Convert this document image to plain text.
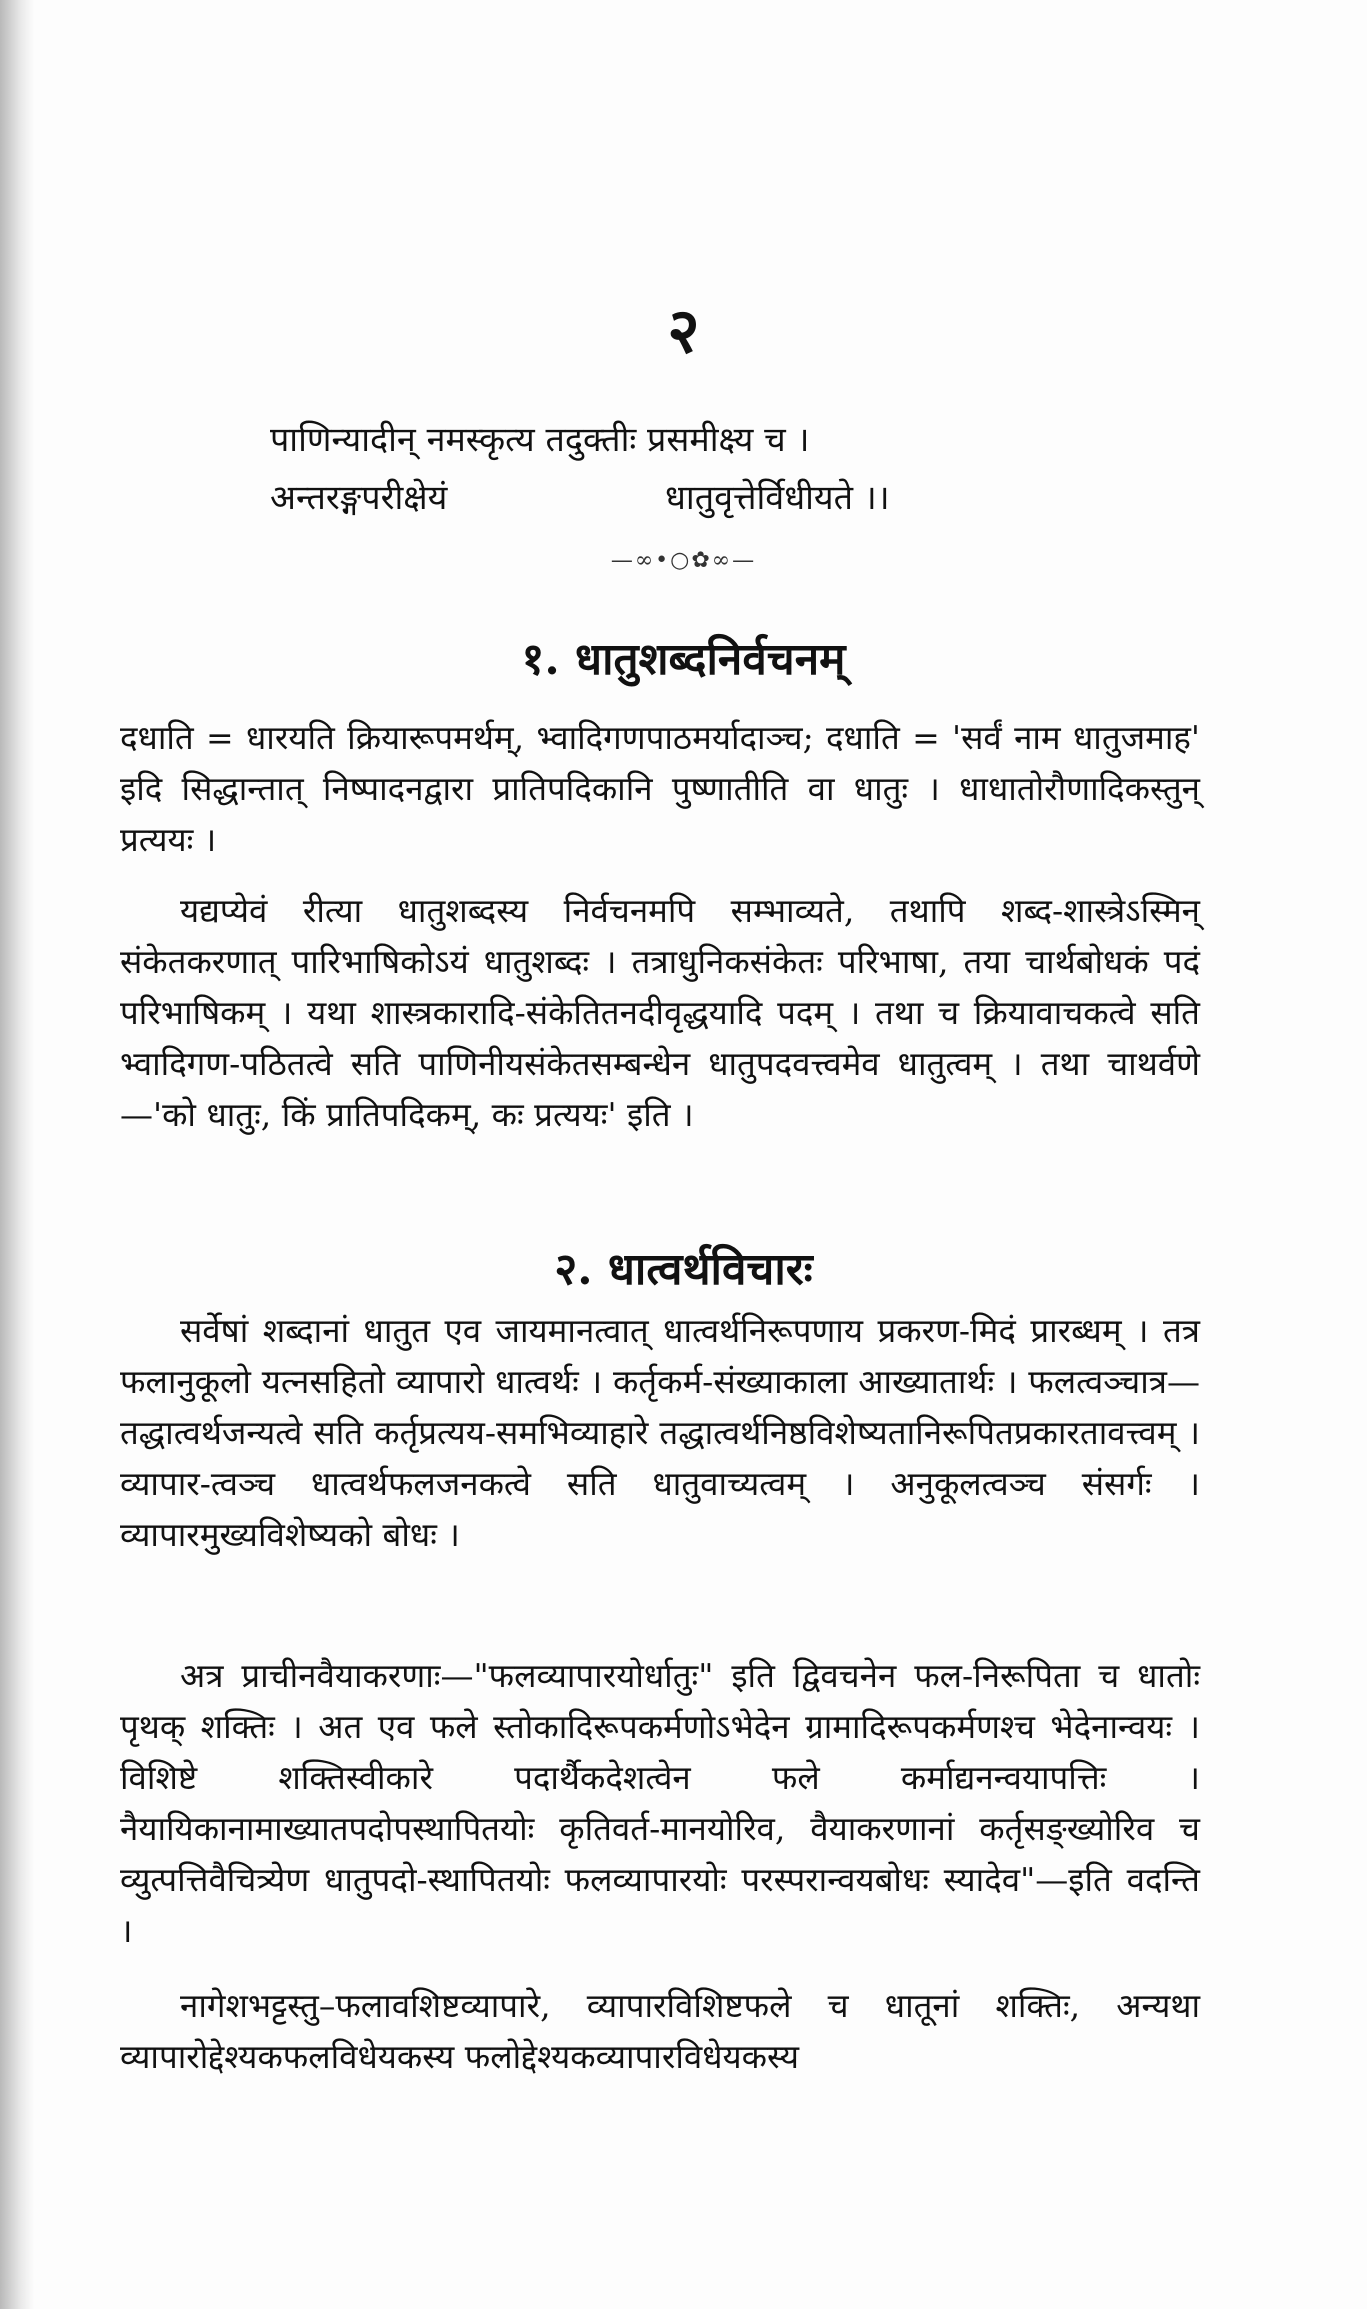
२
पाणिन्यादीन् नमस्कृत्य तदुक्तीः प्रसमीक्ष्य च ।
अन्तरङ्गपरीक्षेयं	धातुवृत्तेर्विधीयते ।।
—∞•○✿∞—
१. धातुशब्दनिर्वचनम्
दधाति = धारयति क्रियारूपमर्थम्, भ्वादिगणपाठमर्यादाञ्च; दधाति = 'सर्वं नाम धातुजमाह' इदि सिद्धान्तात् निष्पादनद्वारा प्रातिपदिकानि पुष्णातीति वा धातुः । धाधातोरौणादिकस्तुन् प्रत्ययः ।
यद्यप्येवं रीत्या धातुशब्दस्य निर्वचनमपि सम्भाव्यते, तथापि शब्द-शास्त्रेऽस्मिन् संकेतकरणात् पारिभाषिकोऽयं धातुशब्दः । तत्राधुनिकसंकेतः परिभाषा, तया चार्थबोधकं पदं परिभाषिकम् । यथा शास्त्रकारादि-संकेतितनदीवृद्धयादि पदम् । तथा च क्रियावाचकत्वे सति भ्वादिगण-पठितत्वे सति पाणिनीयसंकेतसम्बन्धेन धातुपदवत्त्वमेव धातुत्वम् । तथा चाथर्वणे—'को धातुः, किं प्रातिपदिकम्, कः प्रत्ययः' इति ।
२. धात्वर्थविचारः
सर्वेषां शब्दानां धातुत एव जायमानत्वात् धात्वर्थनिरूपणाय प्रकरण-मिदं प्रारब्धम् । तत्र फलानुकूलो यत्नसहितो व्यापारो धात्वर्थः । कर्तृकर्म-संख्याकाला आख्यातार्थः । फलत्वञ्चात्र—तद्धात्वर्थजन्यत्वे सति कर्तृप्रत्यय-समभिव्याहारे तद्धात्वर्थनिष्ठविशेष्यतानिरूपितप्रकारतावत्त्वम् । व्यापार-त्वञ्च धात्वर्थफलजनकत्वे सति धातुवाच्यत्वम् । अनुकूलत्वञ्च संसर्गः । व्यापारमुख्यविशेष्यको बोधः ।
अत्र प्राचीनवैयाकरणाः—"फलव्यापारयोर्धातुः" इति द्विवचनेन फल-निरूपिता च धातोः पृथक् शक्तिः । अत एव फले स्तोकादिरूपकर्मणोऽभेदेन ग्रामादिरूपकर्मणश्च भेदेनान्वयः । विशिष्टे शक्तिस्वीकारे पदार्थैकदेशत्वेन फले कर्माद्यनन्वयापत्तिः । नैयायिकानामाख्यातपदोपस्थापितयोः कृतिवर्त-मानयोरिव, वैयाकरणानां कर्तृसङ्ख्योरिव च व्युत्पत्तिवैचित्र्येण धातुपदो-स्थापितयोः फलव्यापारयोः परस्परान्वयबोधः स्यादेव"—इति वदन्ति ।
नागेशभट्टस्तु–फलावशिष्टव्यापारे, व्यापारविशिष्टफले च धातूनां शक्तिः, अन्यथा व्यापारोद्देश्यकफलविधेयकस्य फलोद्देश्यकव्यापारविधेयकस्य
